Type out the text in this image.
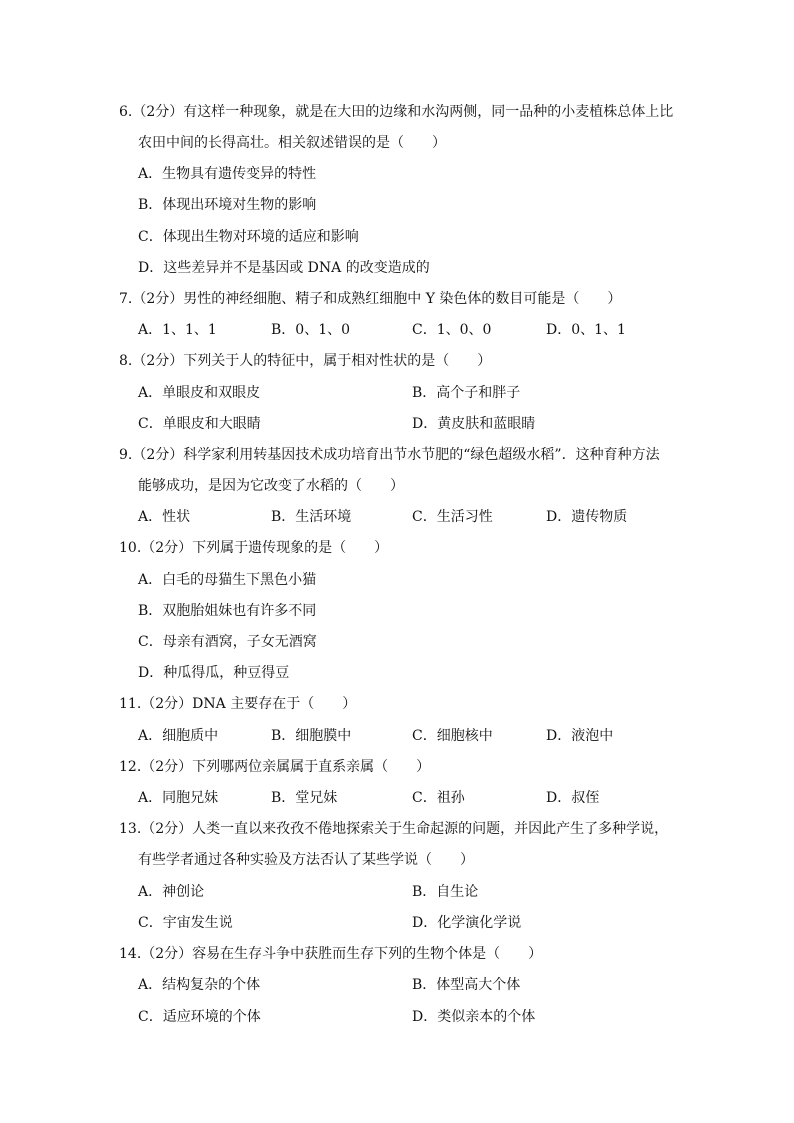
6.（2分）有这样一种现象，就是在大田的边缘和水沟两侧，同一品种的小麦植株总体上比
农田中间的长得高壮。相关叙述错误的是（　　）
A．生物具有遗传变异的特性
B．体现出环境对生物的影响
C．体现出生物对环境的适应和影响
D．这些差异并不是基因或 DNA 的改变造成的
7.（2分）男性的神经细胞、精子和成熟红细胞中 Y 染色体的数目可能是（　　）
A．1、1、1	B．0、1、0	C．1、0、0	D．0、1、1
8.（2分）下列关于人的特征中，属于相对性状的是（　　）
A．单眼皮和双眼皮	B．高个子和胖子
C．单眼皮和大眼睛	D．黄皮肤和蓝眼睛
9.（2分）科学家利用转基因技术成功培育出节水节肥的“绿色超级水稻”．这种育种方法
能够成功，是因为它改变了水稻的（　　）
A．性状	B．生活环境	C．生活习性	D．遗传物质
10.（2分）下列属于遗传现象的是（　　）
A．白毛的母猫生下黑色小猫
B．双胞胎姐妹也有许多不同
C．母亲有酒窝，子女无酒窝
D．种瓜得瓜，种豆得豆
11.（2分）DNA 主要存在于（　　）
A．细胞质中	B．细胞膜中	C．细胞核中	D．液泡中
12.（2分）下列哪两位亲属属于直系亲属（　　）
A．同胞兄妹	B．堂兄妹	C．祖孙	D．叔侄
13.（2分）人类一直以来孜孜不倦地探索关于生命起源的问题，并因此产生了多种学说，
有些学者通过各种实验及方法否认了某些学说（　　）
A．神创论	B．自生论
C．宇宙发生说	D．化学演化学说
14.（2分）容易在生存斗争中获胜而生存下列的生物个体是（　　）
A．结构复杂的个体	B．体型高大个体
C．适应环境的个体	D．类似亲本的个体
